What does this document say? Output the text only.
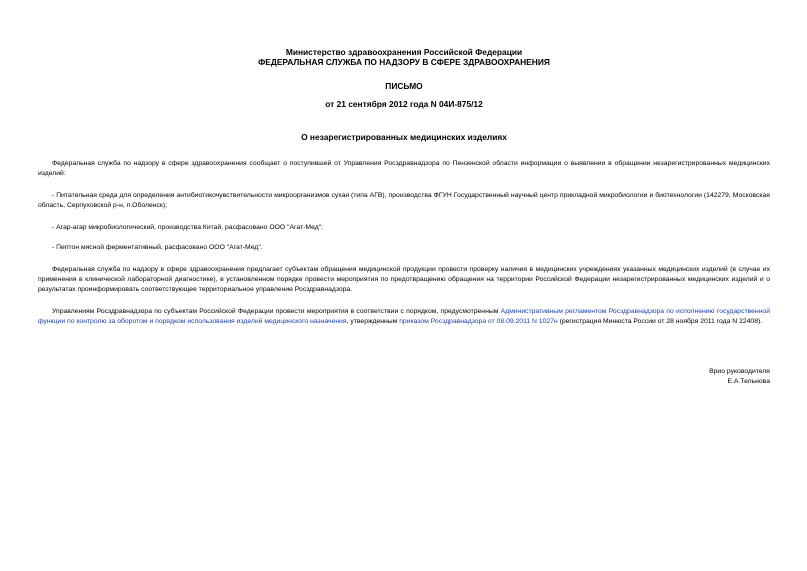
Министерство здравоохранения Российской Федерации
ФЕДЕРАЛЬНАЯ СЛУЖБА ПО НАДЗОРУ В СФЕРЕ ЗДРАВООХРАНЕНИЯ
ПИСЬМО
от 21 сентября 2012 года N 04И-875/12
О незарегистрированных медицинских изделиях

Федеральная служба по надзору в сфере здравоохранения сообщает о поступившей от Управления Росздравнадзора по Пензенской области информации о выявлении в обращении незарегистрированных медицинских изделий:

- Питательная среда для определения антибиотикочувствительности микроорганизмов сухая (типа АГВ), производства ФГУН Государственный научный центр прикладной микробиологии и биотехнологии (142279, Московская область, Серпуховской р-н, п.Оболенск);

- Агар-агар микробиологический, производства Китай, расфасовано ООО "Агат-Мед";

- Пептон мясной ферментативный, расфасовано ООО "Агат-Мед".

Федеральная служба по надзору в сфере здравоохранения предлагает субъектам обращения медицинской продукции провести проверку наличия в медицинских учреждениях указанных медицинских изделий (в случае их применения в клинической лабораторной диагностике), в установленном порядке провести мероприятия по предотвращению обращения на территории Российской Федерации незарегистрированных медицинских изделий и о результатах проинформировать соответствующее территориальное управление Росздравнадзора.

Управлениям Росздравнадзора по субъектам Российской Федерации провести мероприятия в соответствии с порядком, предусмотренным Административным регламентом Росздравнадзора по исполнению государственной функции по контролю за оборотом и порядком использования изделий медицинского назначения, утвержденным приказом Росздравнадзора от 08.09.2011 N 1027н (регистрация Минюста России от 28 ноября 2011 года N 22408).

Врио руководителя
Е.А.Тельнова
